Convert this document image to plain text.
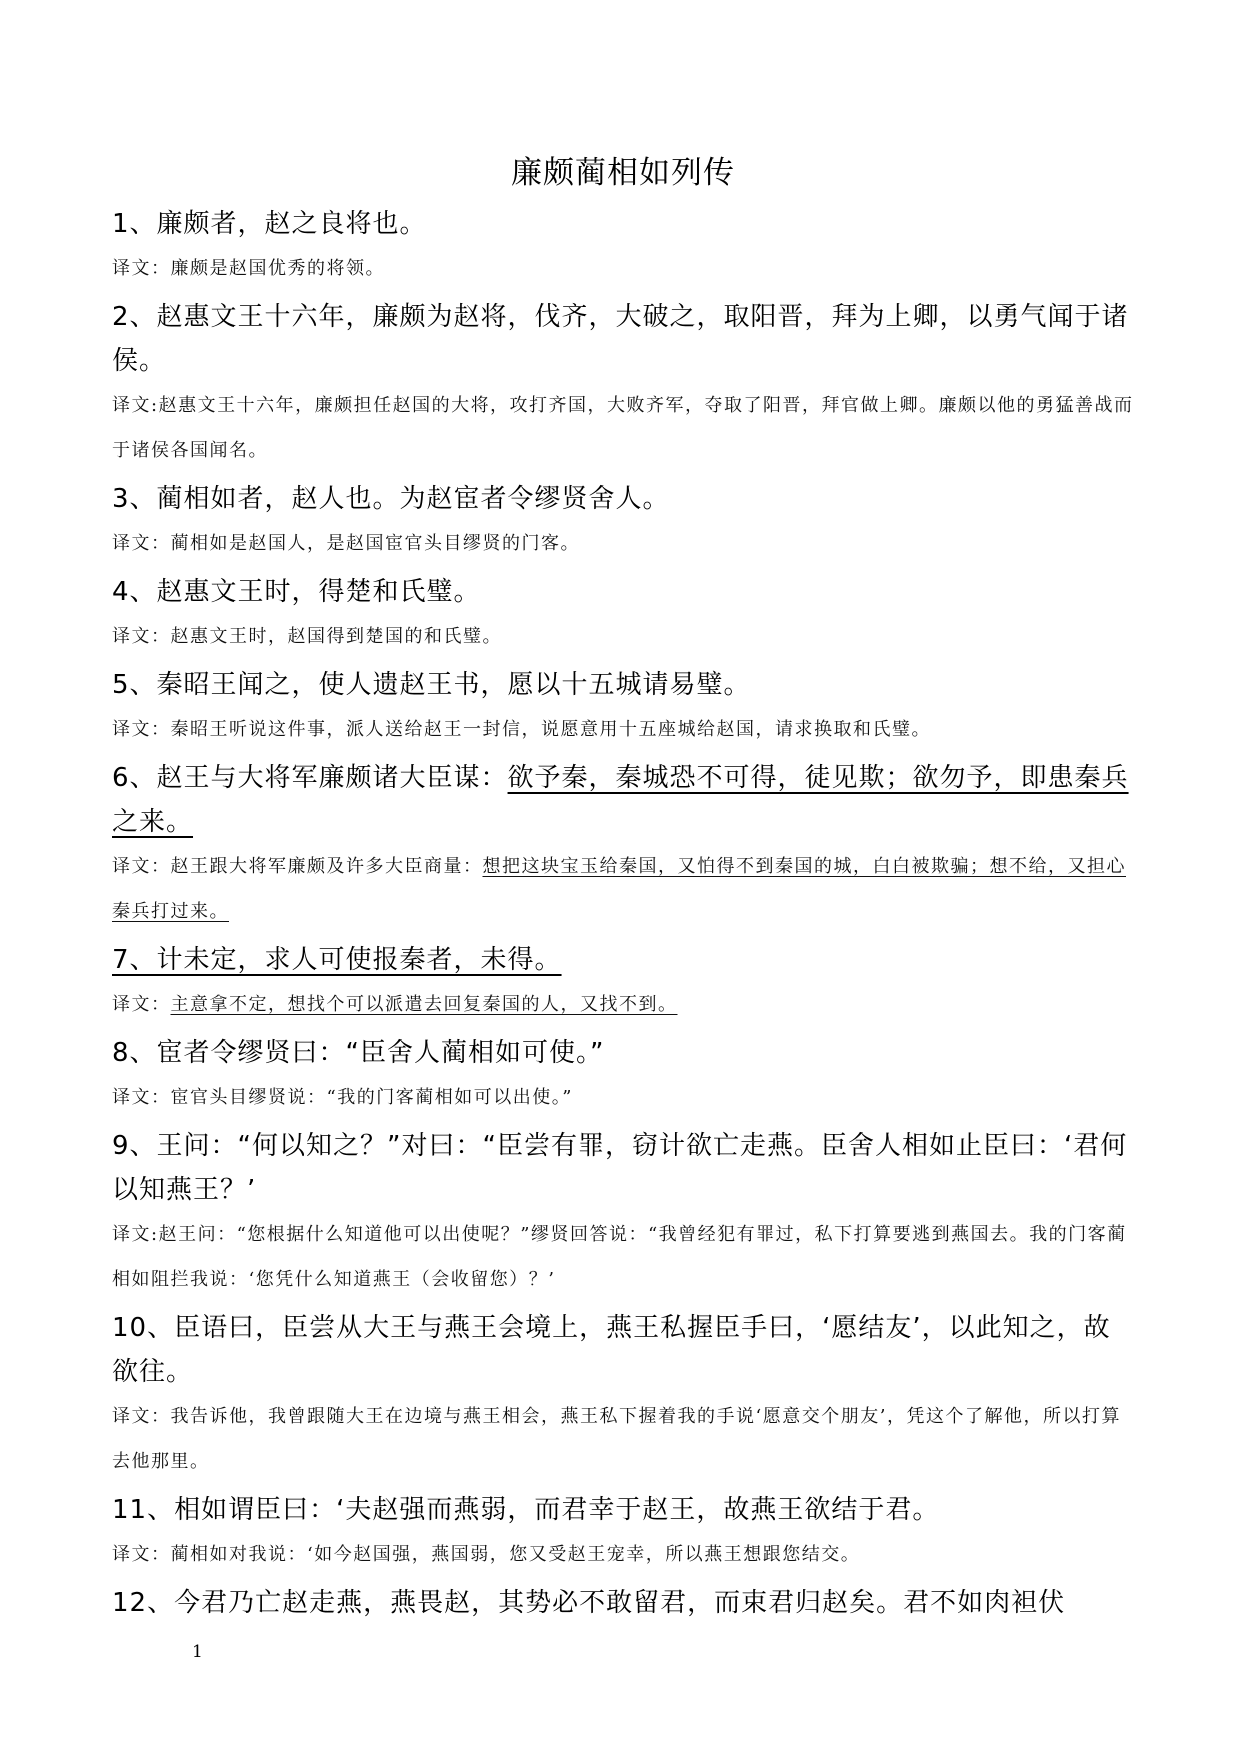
廉颇蔺相如列传

1、廉颇者，赵之良将也。

译文：廉颇是赵国优秀的将领。

2、赵惠文王十六年，廉颇为赵将，伐齐，大破之，取阳晋，拜为上卿，以勇气闻于诸侯。

译文:赵惠文王十六年，廉颇担任赵国的大将，攻打齐国，大败齐军，夺取了阳晋，拜官做上卿。廉颇以他的勇猛善战而于诸侯各国闻名。

3、蔺相如者，赵人也。为赵宦者令缪贤舍人。

译文：蔺相如是赵国人，是赵国宦官头目缪贤的门客。

4、赵惠文王时，得楚和氏璧。

译文：赵惠文王时，赵国得到楚国的和氏璧。

5、秦昭王闻之，使人遗赵王书，愿以十五城请易璧。

译文：秦昭王听说这件事，派人送给赵王一封信，说愿意用十五座城给赵国，请求换取和氏璧。

6、赵王与大将军廉颇诸大臣谋：欲予秦，秦城恐不可得，徒见欺；欲勿予，即患秦兵之来。

译文：赵王跟大将军廉颇及许多大臣商量：想把这块宝玉给秦国，又怕得不到秦国的城，白白被欺骗；想不给，又担心秦兵打过来。

7、计未定，求人可使报秦者，未得。

译文：主意拿不定，想找个可以派遣去回复秦国的人，又找不到。

8、宦者令缪贤曰：“臣舍人蔺相如可使。”

译文：宦官头目缪贤说：“我的门客蔺相如可以出使。”

9、王问：“何以知之？”对曰：“臣尝有罪，窃计欲亡走燕。臣舍人相如止臣曰：‘君何以知燕王？’

译文:赵王问：“您根据什么知道他可以出使呢？”缪贤回答说：“我曾经犯有罪过，私下打算要逃到燕国去。我的门客蔺相如阻拦我说：‘您凭什么知道燕王（会收留您）？’

10、臣语曰，臣尝从大王与燕王会境上，燕王私握臣手曰，‘愿结友’，以此知之，故欲往。

译文：我告诉他，我曾跟随大王在边境与燕王相会，燕王私下握着我的手说‘愿意交个朋友’，凭这个了解他，所以打算去他那里。

11、相如谓臣曰：‘夫赵强而燕弱，而君幸于赵王，故燕王欲结于君。

译文：蔺相如对我说：‘如今赵国强，燕国弱，您又受赵王宠幸，所以燕王想跟您结交。

12、今君乃亡赵走燕，燕畏赵，其势必不敢留君，而束君归赵矣。君不如肉袒伏

1
